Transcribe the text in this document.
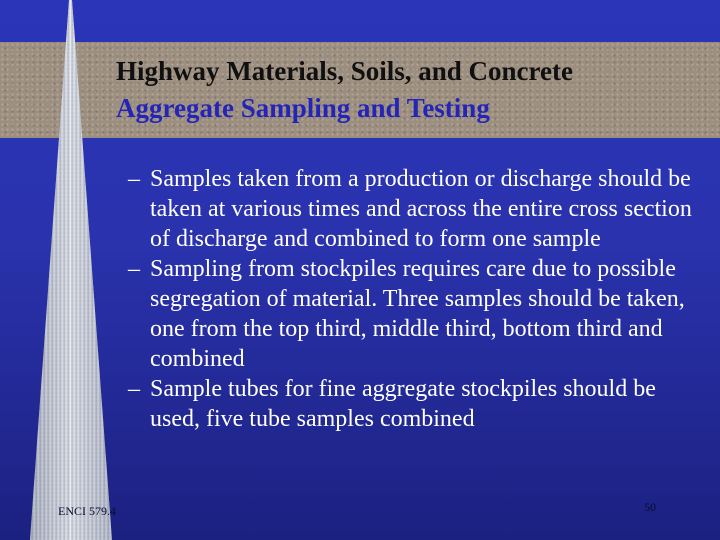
Highway Materials, Soils, and Concrete
Aggregate Sampling and Testing
– Samples taken from a production or discharge should be taken at various times and across the entire cross section of discharge and combined to form one sample
– Sampling from stockpiles requires care due to possible segregation of material. Three samples should be taken, one from the top third, middle third, bottom third and combined
– Sample tubes for fine aggregate stockpiles should be used, five tube samples combined
ENCI 579.4	50
